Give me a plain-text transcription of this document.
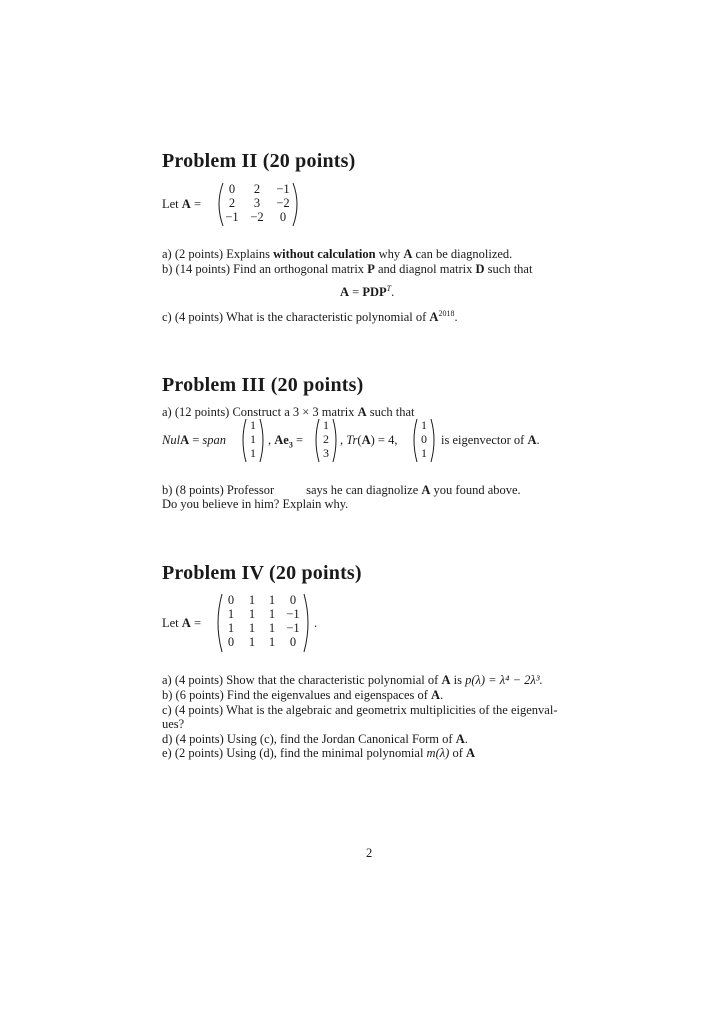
Problem II (20 points)
Let A =
0	2	−1
2	3	−2
−1 −2	0
a) (2 points) Explains without calculation why A can be diagnolized.
b) (14 points) Find an orthogonal matrix P and diagnol matrix D such that
$A = PDP^T$.
c) (4 points) What is the characteristic polynomial of $A^{2018}$.
Problem III (20 points)
a) (12 points) Construct a 3 × 3 matrix A such that
NulA = span
1
1
1
, $Ae_3$ =
1
2
3
, Tr(A) = 4,
1
0
1
is eigenvector of A.
b) (8 points) Professor	says he can diagnolize A you found above.
Do you believe in him? Explain why.
Problem IV (20 points)
Let A =
0	1	1	0
1	1	1 −1
1	1	1 −1
0	1	1	0
.
a) (4 points) Show that the characteristic polynomial of A is p(λ) = λ⁴ − 2λ³.
b) (6 points) Find the eigenvalues and eigenspaces of A.
c) (4 points) What is the algebraic and geometrix multiplicities of the eigenval-
ues?
d) (4 points) Using (c), find the Jordan Canonical Form of A.
e) (2 points) Using (d), find the minimal polynomial m(λ) of A
2
